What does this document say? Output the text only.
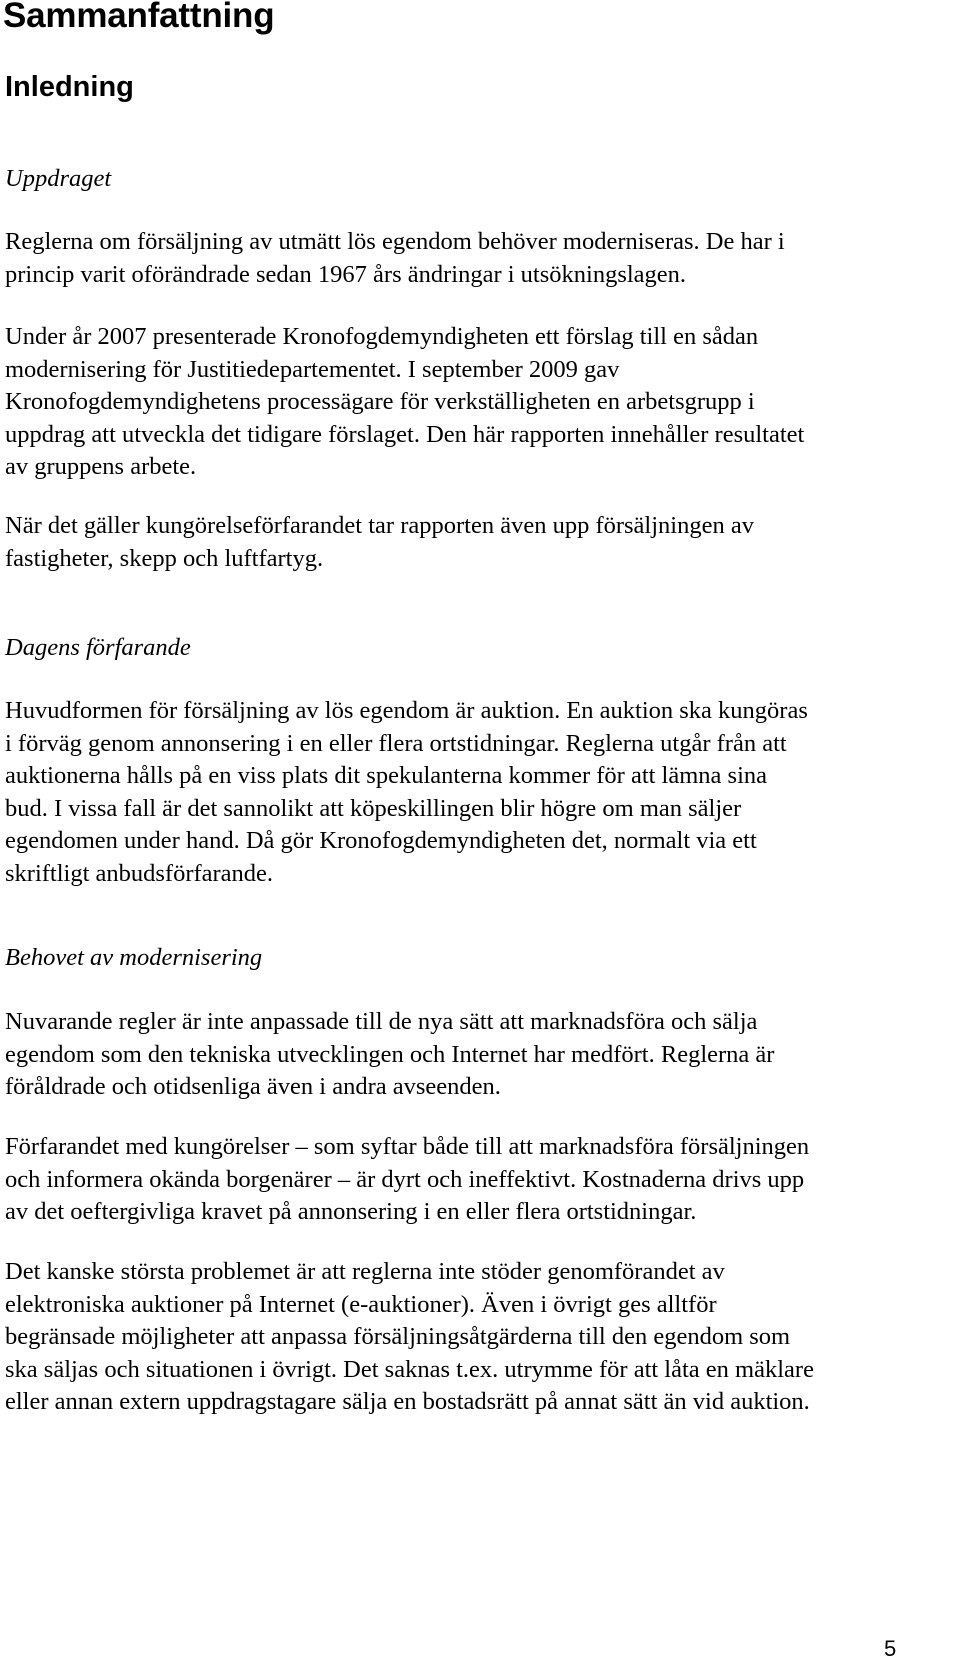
Sammanfattning
Inledning
Uppdraget

Reglerna om försäljning av utmätt lös egendom behöver moderniseras. De har i
princip varit oförändrade sedan 1967 års ändringar i utsökningslagen.

Under år 2007 presenterade Kronofogdemyndigheten ett förslag till en sådan
modernisering för Justitiedepartementet. I september 2009 gav
Kronofogdemyndighetens processägare för verkställigheten en arbetsgrupp i
uppdrag att utveckla det tidigare förslaget. Den här rapporten innehåller resultatet
av gruppens arbete.

När det gäller kungörelseförfarandet tar rapporten även upp försäljningen av
fastigheter, skepp och luftfartyg.

Dagens förfarande

Huvudformen för försäljning av lös egendom är auktion. En auktion ska kungöras
i förväg genom annonsering i en eller flera ortstidningar. Reglerna utgår från att
auktionerna hålls på en viss plats dit spekulanterna kommer för att lämna sina
bud. I vissa fall är det sannolikt att köpeskillingen blir högre om man säljer
egendomen under hand. Då gör Kronofogdemyndigheten det, normalt via ett
skriftligt anbudsförfarande.

Behovet av modernisering

Nuvarande regler är inte anpassade till de nya sätt att marknadsföra och sälja
egendom som den tekniska utvecklingen och Internet har medfört. Reglerna är
föråldrade och otidsenliga även i andra avseenden.

Förfarandet med kungörelser – som syftar både till att marknadsföra försäljningen
och informera okända borgenärer – är dyrt och ineffektivt. Kostnaderna drivs upp
av det oeftergivliga kravet på annonsering i en eller flera ortstidningar.

Det kanske största problemet är att reglerna inte stöder genomförandet av
elektroniska auktioner på Internet (e-auktioner). Även i övrigt ges alltför
begränsade möjligheter att anpassa försäljningsåtgärderna till den egendom som
ska säljas och situationen i övrigt. Det saknas t.ex. utrymme för att låta en mäklare
eller annan extern uppdragstagare sälja en bostadsrätt på annat sätt än vid auktion.

5
